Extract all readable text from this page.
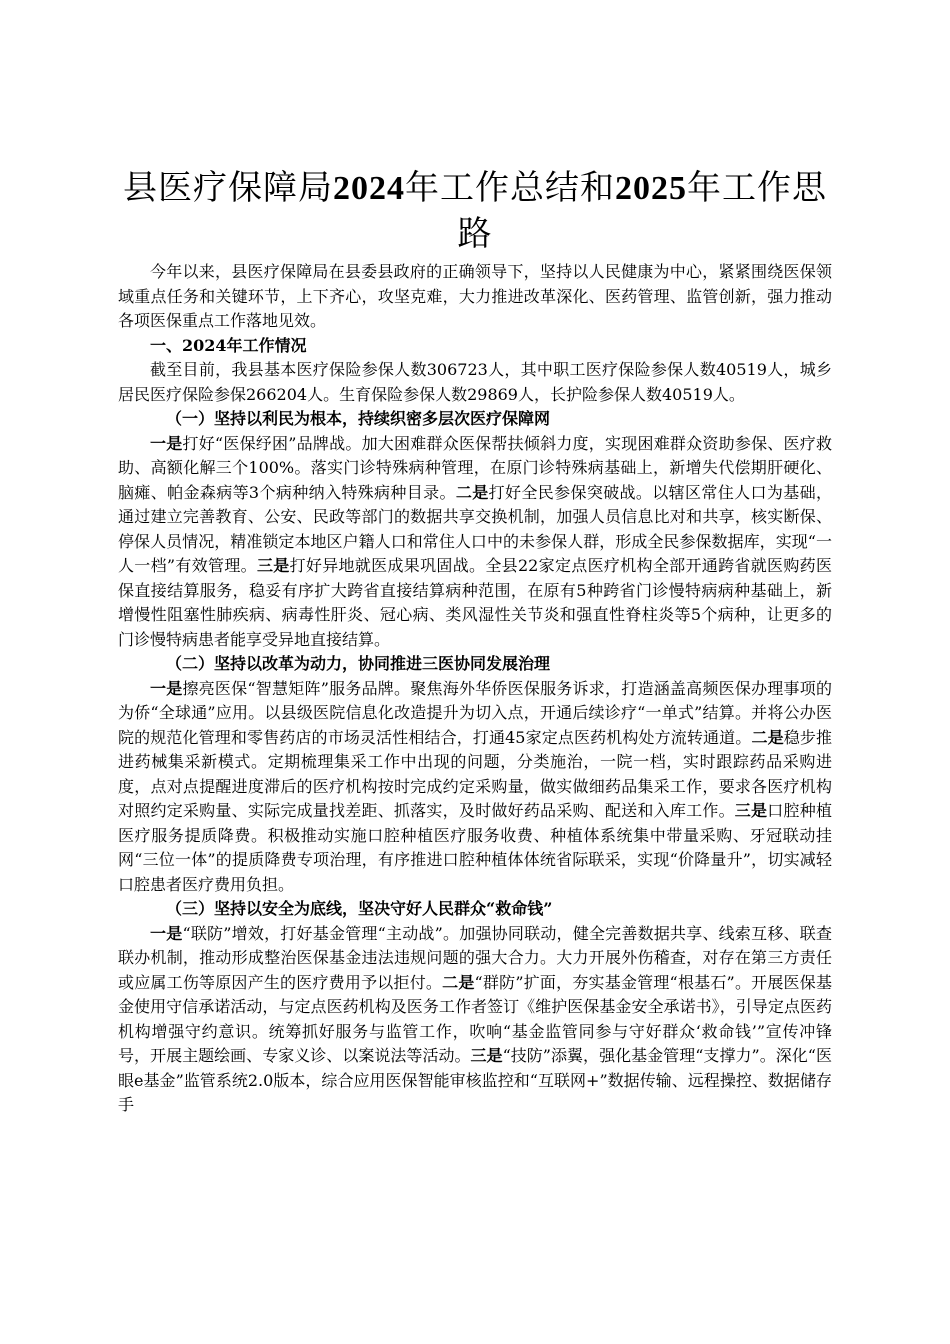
县医疗保障局2024年工作总结和2025年工作思路

今年以来，县医疗保障局在县委县政府的正确领导下，坚持以人民健康为中心，紧紧围绕医保领域重点任务和关键环节，上下齐心，攻坚克难，大力推进改革深化、医药管理、监管创新，强力推动各项医保重点工作落地见效。

一、2024年工作情况

截至目前，我县基本医疗保险参保人数306723人，其中职工医疗保险参保人数40519人，城乡居民医疗保险参保266204人。生育保险参保人数29869人，长护险参保人数40519人。

（一）坚持以利民为根本，持续织密多层次医疗保障网

一是打好“医保纾困”品牌战。加大困难群众医保帮扶倾斜力度，实现困难群众资助参保、医疗救助、高额化解三个100%。落实门诊特殊病种管理，在原门诊特殊病基础上，新增失代偿期肝硬化、脑瘫、帕金森病等3个病种纳入特殊病种目录。二是打好全民参保突破战。以辖区常住人口为基础，通过建立完善教育、公安、民政等部门的数据共享交换机制，加强人员信息比对和共享，核实断保、停保人员情况，精准锁定本地区户籍人口和常住人口中的未参保人群，形成全民参保数据库，实现“一人一档”有效管理。三是打好异地就医成果巩固战。全县22家定点医疗机构全部开通跨省就医购药医保直接结算服务，稳妥有序扩大跨省直接结算病种范围，在原有5种跨省门诊慢特病病种基础上，新增慢性阻塞性肺疾病、病毒性肝炎、冠心病、类风湿性关节炎和强直性脊柱炎等5个病种，让更多的门诊慢特病患者能享受异地直接结算。

（二）坚持以改革为动力，协同推进三医协同发展治理

一是擦亮医保“智慧矩阵”服务品牌。聚焦海外华侨医保服务诉求，打造涵盖高频医保办理事项的为侨“全球通”应用。以县级医院信息化改造提升为切入点，开通后续诊疗“一单式”结算。并将公办医院的规范化管理和零售药店的市场灵活性相结合，打通45家定点医药机构处方流转通道。二是稳步推进药械集采新模式。定期梳理集采工作中出现的问题，分类施治，一院一档，实时跟踪药品采购进度，点对点提醒进度滞后的医疗机构按时完成约定采购量，做实做细药品集采工作，要求各医疗机构对照约定采购量、实际完成量找差距、抓落实，及时做好药品采购、配送和入库工作。三是口腔种植医疗服务提质降费。积极推动实施口腔种植医疗服务收费、种植体系统集中带量采购、牙冠联动挂网“三位一体”的提质降费专项治理，有序推进口腔种植体体统省际联采，实现“价降量升”，切实减轻口腔患者医疗费用负担。

（三）坚持以安全为底线，坚决守好人民群众“救命钱”

一是“联防”增效，打好基金管理“主动战”。加强协同联动，健全完善数据共享、线索互移、联查联办机制，推动形成整治医保基金违法违规问题的强大合力。大力开展外伤稽查，对存在第三方责任或应属工伤等原因产生的医疗费用予以拒付。二是“群防”扩面，夯实基金管理“根基石”。开展医保基金使用守信承诺活动，与定点医药机构及医务工作者签订《维护医保基金安全承诺书》，引导定点医药机构增强守约意识。统筹抓好服务与监管工作，吹响“基金监管同参与守好群众‘救命钱’”宣传冲锋号，开展主题绘画、专家义诊、以案说法等活动。三是“技防”添翼，强化基金管理“支撑力”。深化“医眼e基金”监管系统2.0版本，综合应用医保智能审核监控和“互联网+”数据传输、远程操控、数据储存手
